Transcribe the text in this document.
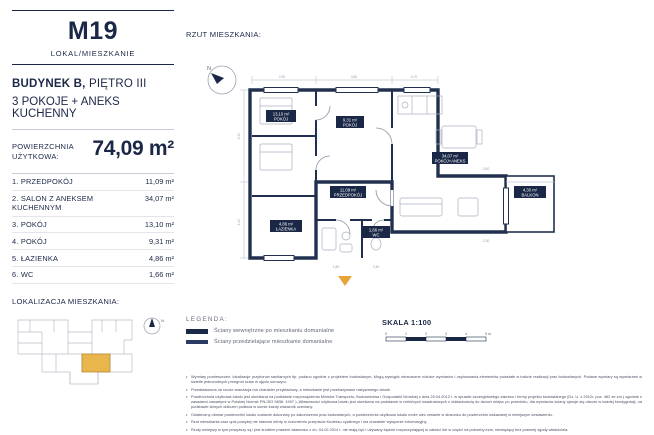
M19
LOKAL/MIESZKANIE
BUDYNEK B, PIĘTRO III
3 POKOJE + ANEKS KUCHENNY
POWIERZCHNIA
UŻYTKOWA:	74,09 m²
1. PRZEDPOKÓJ	11,09 m²
2. SALON Z ANEKSEM KUCHENNYM
34,07 m²
3. POKÓJ	13,10 m²
4. POKÓJ	9,31 m²
5. ŁAZIENKA	4,86 m²
6. WC	1,66 m²
LOKALIZACJA MIESZKANIA:
N
RZUT MIESZKANIA:
N
13,10 m²
POKÓJ	9,31 m²
POKÓJ
34,07 m²
POKÓJ+ANEKS
11,09 m²
PRZEDPOKÓJ
4,86 m²
ŁAZIENKA	1,66 m²
WC
4,30 m²
BALKON
2,90	3,60	4,70
3,10
2,10
2,60
2,30
1,80	2,40
LEGENDA:
Ściany wewnętrzne po mieszkaniu domanialne
Ściany przedzielające mieszkanie domanialne
SKALA 1:100
0	1	2	3	4	5 m
• Wymiary pomieszczeń, lokalizacje przyborów sanitarnych itp. podano zgodnie z projektem budowlanym. Mogą wystąpić nieznaczne różnice wymiarów i usytuowania elementów powstałe w trakcie realizacji prac budowlanych. Podane wymiary są wymiarami w świetle jednorodnych przegród ścian w ujęciu surowym.
• Przedstawiona na rzucie aranżacja ma charakter przykładowy, a mieszkanie jest przekazywane nabywanego stanie.
• Powierzchnia użytkowa lokalu jest określana na podstawie rozporządzenia Ministra Transportu, Budownictwa i Gospodarki Morskiej z dnia 25.04.2012 r. w sprawie szczegółowego zakresu i formy projektu budowlanego (Dz. U. z 2012r. poz. 462 ze zm.) zgodnie z zasadami zawartymi w Polskiej Normie PN-ISO 9836: 1997 ),,Właściwości użytkowa lokalu jest określana na podstawie w niektórych kwadratowych z dokładnością do dwóch miejsc po przecinku, dla wymiarów ściany ujmuje się otworu w każdej kondygnacji, na podstawie których obliczeń podłoża w sumie każdy wskaźnik oceniany.
• Ostateczny obmiar powierzchni lokalu zostanie dokonany po zakończeniu prac budowlanych, a powierzchnia użytkowa lokalu może ulec zmianie w stosunku do powierzchni wskazanej w niniejszym zestawieniu.
• Rzut mieszkania oraz opis powyżej nie stanowi oferty w rozumieniu przepisów Kodeksu cywilnego i ma charakter wyłącznie informacyjny.
• Rzuty niniejszy w tym powyższy są i jest źródłem prawem własności z dn. 04.02.2014 r. nie mają być i używany będzie rozpoczynającej w całości lub w części na potrzeby inne, niewiążący bez prawnej zgody właściciela.
